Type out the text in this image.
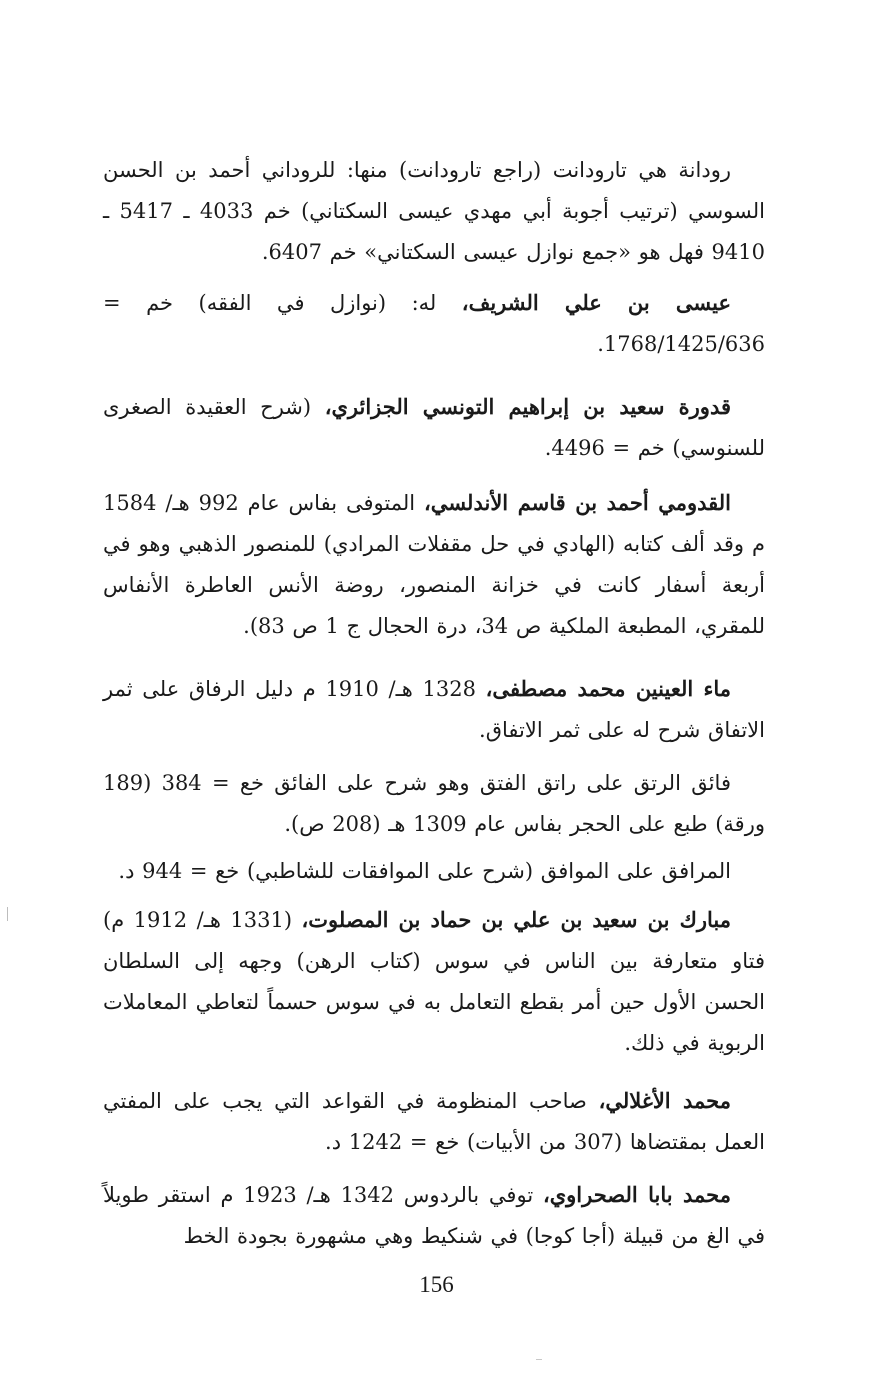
رودانة هي تارودانت (راجع تارودانت) منها: للروداني أحمد بن الحسن السوسي (ترتيب أجوبة أبي مهدي عيسى السكتاني) خم 4033 ـ 5417 ـ 9410 فهل هو «جمع نوازل عيسى السكتاني» خم 6407.

عيسى بن علي الشريف، له: (نوازل في الفقه) خم = 1768/1425/636.

قدورة سعيد بن إبراهيم التونسي الجزائري، (شرح العقيدة الصغرى للسنوسي) خم = 4496.

القدومي أحمد بن قاسم الأندلسي، المتوفى بفاس عام 992 هـ/ 1584 م وقد ألف كتابه (الهادي في حل مقفلات المرادي) للمنصور الذهبي وهو في أربعة أسفار كانت في خزانة المنصور، روضة الأنس العاطرة الأنفاس للمقري، المطبعة الملكية ص 34، درة الحجال ج 1 ص 83).

ماء العينين محمد مصطفى، 1328 هـ/ 1910 م دليل الرفاق على ثمر الاتفاق شرح له على ثمر الاتفاق.

فائق الرتق على راتق الفتق وهو شرح على الفائق خع = 384 (189 ورقة) طبع على الحجر بفاس عام 1309 هـ (208 ص).

المرافق على الموافق (شرح على الموافقات للشاطبي) خع = 944 د.

مبارك بن سعيد بن علي بن حماد بن المصلوت، (1331 هـ/ 1912 م) فتاو متعارفة بين الناس في سوس (كتاب الرهن) وجهه إلى السلطان الحسن الأول حين أمر بقطع التعامل به في سوس حسماً لتعاطي المعاملات الربوية في ذلك.

محمد الأغلالي، صاحب المنظومة في القواعد التي يجب على المفتي العمل بمقتضاها (307 من الأبيات) خع = 1242 د.

محمد بابا الصحراوي، توفي بالردوس 1342 هـ/ 1923 م استقر طويلاً في الغ من قبيلة (أجا كوجا) في شنكيط وهي مشهورة بجودة الخط

156
